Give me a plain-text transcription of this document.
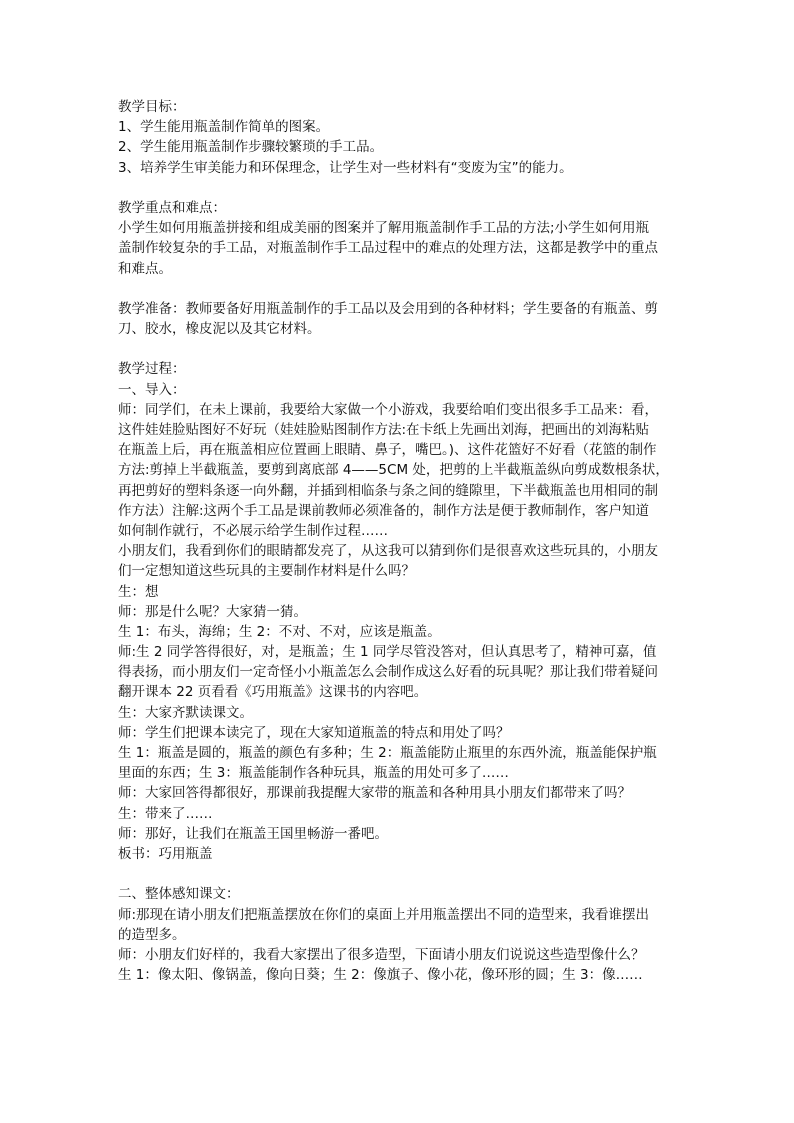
教学目标：
1、学生能用瓶盖制作简单的图案。
2、学生能用瓶盖制作步骤较繁琐的手工品。
3、培养学生审美能力和环保理念，让学生对一些材料有“变废为宝”的能力。
教学重点和难点：
小学生如何用瓶盖拼接和组成美丽的图案并了解用瓶盖制作手工品的方法;小学生如何用瓶
盖制作较复杂的手工品，对瓶盖制作手工品过程中的难点的处理方法，这都是教学中的重点
和难点。
教学准备：教师要备好用瓶盖制作的手工品以及会用到的各种材料；学生要备的有瓶盖、剪
刀、胶水，橡皮泥以及其它材料。
教学过程：
一、导入：
师：同学们，在未上课前，我要给大家做一个小游戏，我要给咱们变出很多手工品来：看，
这件娃娃脸贴图好不好玩（娃娃脸贴图制作方法:在卡纸上先画出刘海，把画出的刘海粘贴
在瓶盖上后，再在瓶盖相应位置画上眼睛、鼻子，嘴巴。)、这件花篮好不好看（花篮的制作
方法:剪掉上半截瓶盖，要剪到离底部 4——5CM 处，把剪的上半截瓶盖纵向剪成数根条状，
再把剪好的塑料条逐一向外翻，并插到相临条与条之间的缝隙里，下半截瓶盖也用相同的制
作方法）注解:这两个手工品是课前教师必须准备的，制作方法是便于教师制作，客户知道
如何制作就行，不必展示给学生制作过程……
小朋友们，我看到你们的眼睛都发亮了，从这我可以猜到你们是很喜欢这些玩具的，小朋友
们一定想知道这些玩具的主要制作材料是什么吗？
生：想
师：那是什么呢？大家猜一猜。
生 1：布头，海绵；生 2：不对、不对，应该是瓶盖。
师:生 2 同学答得很好，对，是瓶盖；生 1 同学尽管没答对，但认真思考了，精神可嘉，值
得表扬，而小朋友们一定奇怪小小瓶盖怎么会制作成这么好看的玩具呢？那让我们带着疑问
翻开课本 22 页看看《巧用瓶盖》这课书的内容吧。
生：大家齐默读课文。
师：学生们把课本读完了，现在大家知道瓶盖的特点和用处了吗？
生 1：瓶盖是圆的，瓶盖的颜色有多种；生 2：瓶盖能防止瓶里的东西外流，瓶盖能保护瓶
里面的东西；生 3：瓶盖能制作各种玩具，瓶盖的用处可多了……
师：大家回答得都很好，那课前我提醒大家带的瓶盖和各种用具小朋友们都带来了吗？
生：带来了……
师：那好，让我们在瓶盖王国里畅游一番吧。
板书：巧用瓶盖
二、整体感知课文：
师:那现在请小朋友们把瓶盖摆放在你们的桌面上并用瓶盖摆出不同的造型来，我看谁摆出
的造型多。
师：小朋友们好样的，我看大家摆出了很多造型，下面请小朋友们说说这些造型像什么？
生 1：像太阳、像锅盖，像向日葵；生 2：像旗子、像小花，像环形的圆；生 3：像……
